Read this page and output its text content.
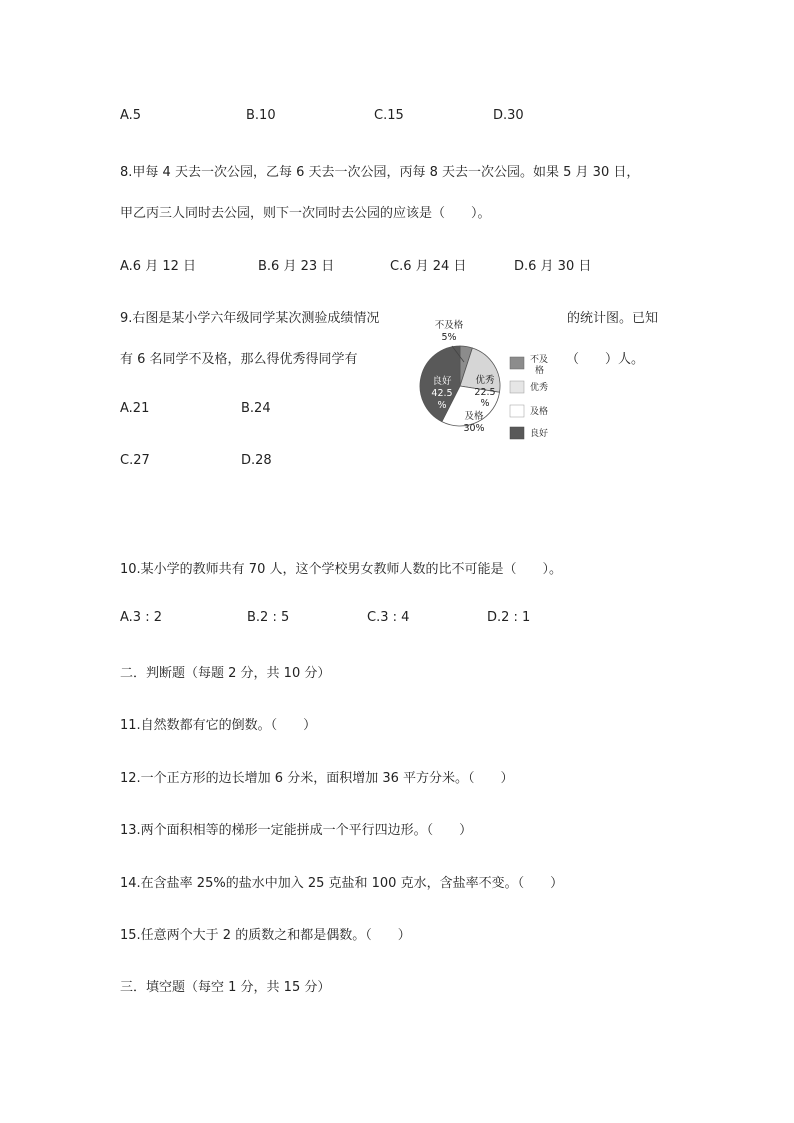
A.5	B.10	C.15	D.30
8.甲每 4 天去一次公园，乙每 6 天去一次公园，丙每 8 天去一次公园。如果 5 月 30 日，
甲乙丙三人同时去公园，则下一次同时去公园的应该是（　　）。
A.6 月 12 日	B.6 月 23 日	C.6 月 24 日	D.6 月 30 日
9.右图是某小学六年级同学某次测验成绩情况	的统计图。已知
有 6 名同学不及格，那么得优秀得同学有	（　　）人。
A.21	B.24
C.27	D.28
不及格
5%
优秀
22.5
%
及格
30%
良好
42.5
%
不及
格
优秀
及格
良好
10.某小学的教师共有 70 人，这个学校男女教师人数的比不可能是（　　）。
A.3 : 2	B.2 : 5	C.3 : 4	D.2 : 1
二．判断题（每题 2 分，共 10 分）
11.自然数都有它的倒数。（　　）
12.一个正方形的边长增加 6 分米，面积增加 36 平方分米。（　　）
13.两个面积相等的梯形一定能拼成一个平行四边形。（　　）
14.在含盐率 25%的盐水中加入 25 克盐和 100 克水，含盐率不变。（　　）
15.任意两个大于 2 的质数之和都是偶数。（　　）
三．填空题（每空 1 分，共 15 分）
